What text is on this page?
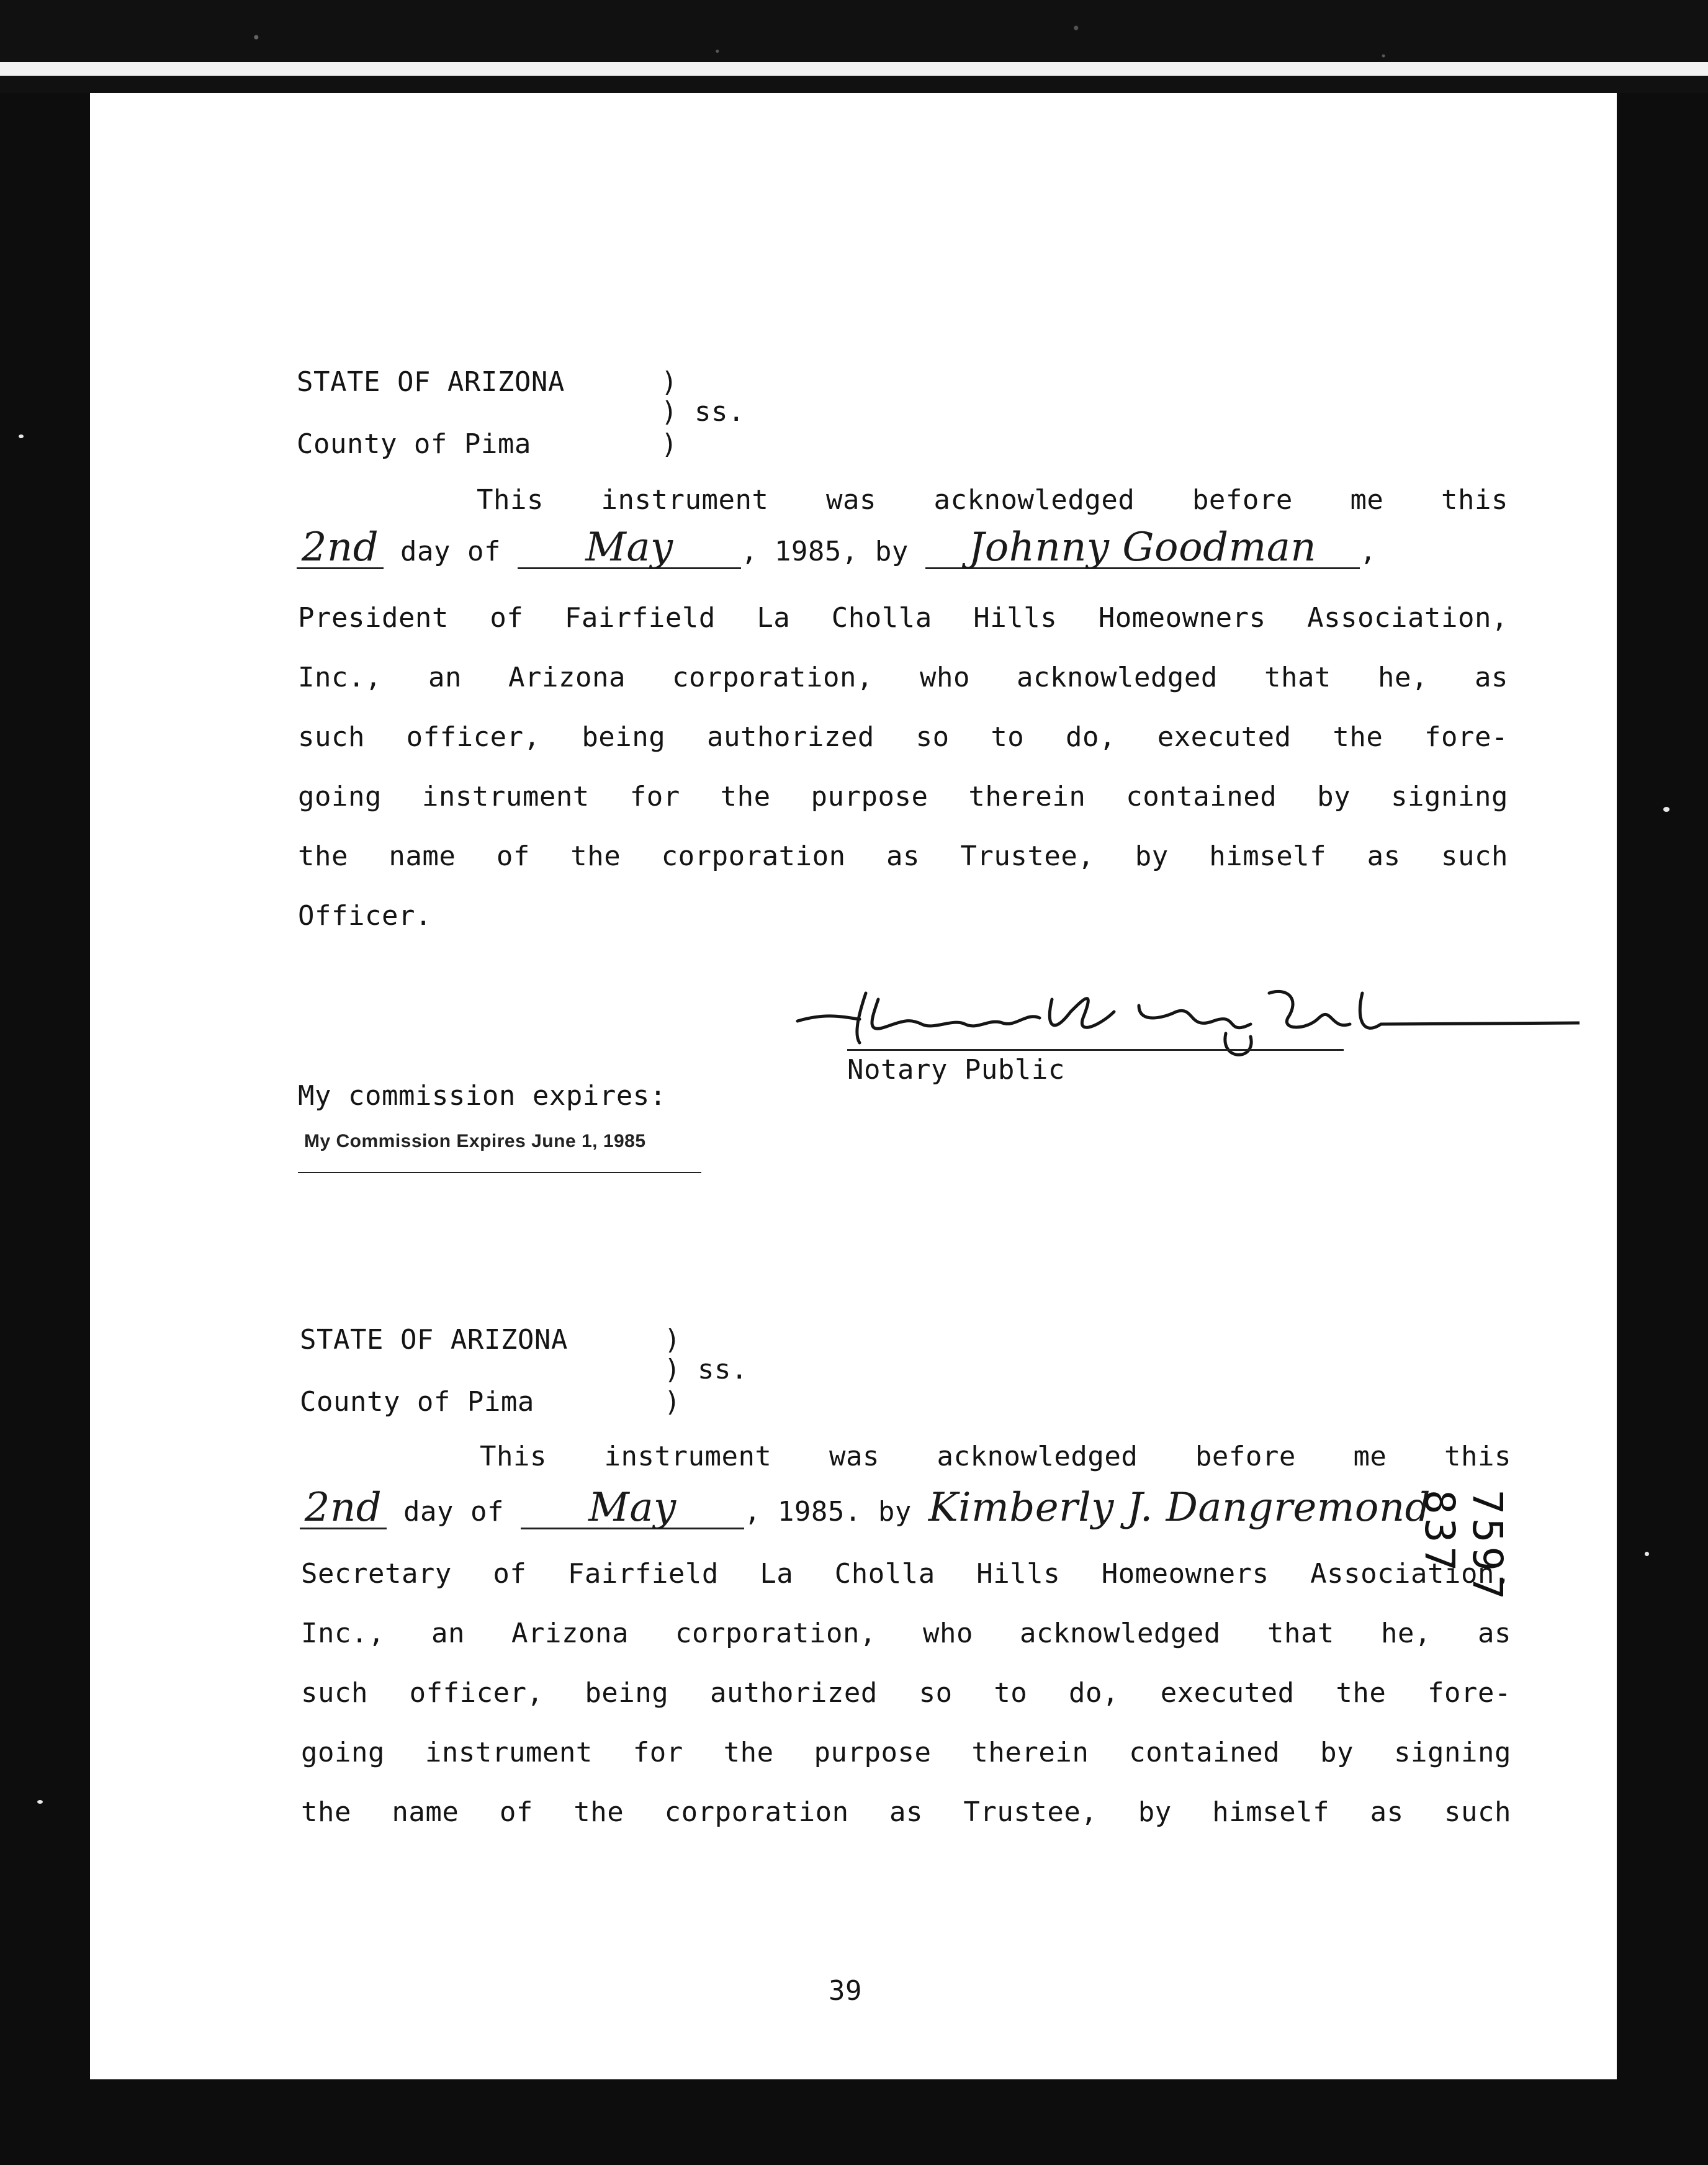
STATE OF ARIZONA	)
) ss.
County of Pima	)
This instrument was acknowledged before me this
2nd day of May , 1985, by Johnny Goodman ,
President of Fairfield La Cholla Hills Homeowners Association,
Inc., an Arizona corporation, who acknowledged that he, as
such officer, being authorized so to do, executed the fore-
going instrument for the purpose therein contained by signing
the name of the corporation as Trustee, by himself as such
Officer.
Notary Public
My commission expires:
My Commission Expires June 1, 1985
STATE OF ARIZONA	)
) ss.
County of Pima	)
This instrument was acknowledged before me this
2nd day of May , 1985. by Kimberly J. Dangremond
Secretary of Fairfield La Cholla Hills Homeowners Association,
Inc., an Arizona corporation, who acknowledged that he, as
such officer, being authorized so to do, executed the fore-
going instrument for the purpose therein contained by signing
the name of the corporation as Trustee, by himself as such
7597 837
39
